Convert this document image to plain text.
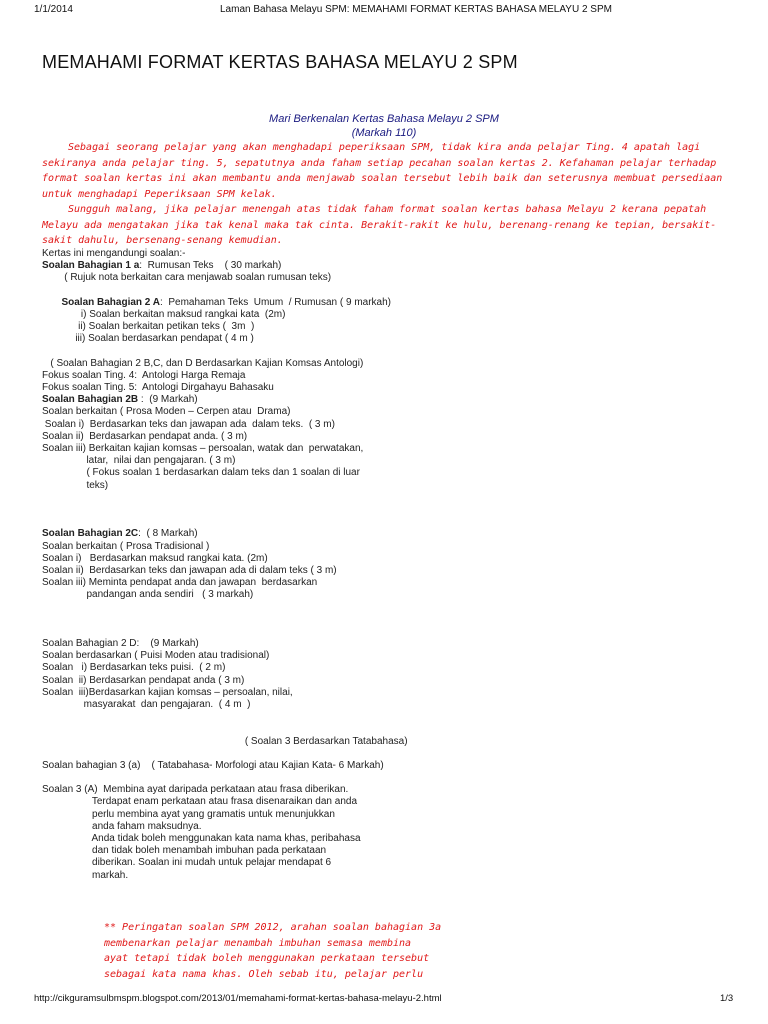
1/1/2014	Laman Bahasa Melayu SPM: MEMAHAMI FORMAT KERTAS BAHASA MELAYU 2 SPM
MEMAHAMI FORMAT KERTAS BAHASA MELAYU 2 SPM
Mari Berkenalan Kertas Bahasa Melayu 2 SPM
(Markah 110)

Sebagai seorang pelajar yang akan menghadapi peperiksaan SPM, tidak kira anda pelajar Ting. 4 apatah lagi sekiranya anda pelajar ting. 5, sepatutnya anda faham setiap pecahan soalan kertas 2. Kefahaman pelajar terhadap format soalan kertas ini akan membantu anda menjawab soalan tersebut lebih baik dan seterusnya membuat persediaan untuk menghadapi Peperiksaan SPM kelak.

Sungguh malang, jika pelajar menengah atas tidak faham format soalan kertas bahasa Melayu 2 kerana pepatah Melayu ada mengatakan jika tak kenal maka tak cinta. Berakit-rakit ke hulu, berenang-renang ke tepian, bersakit-sakit dahulu, bersenang-senang kemudian.

Kertas ini mengandungi soalan:-
Soalan Bahagian 1 a:  Rumusan Teks    ( 30 markah)
( Rujuk nota berkaitan cara menjawab soalan rumusan teks)
Soalan Bahagian 2 A:  Pemahaman Teks  Umum  / Rumusan ( 9 markah)
i) Soalan berkaitan maksud rangkai kata  (2m)
ii) Soalan berkaitan petikan teks (  3m  )
iii) Soalan berdasarkan pendapat ( 4 m )
( Soalan Bahagian 2 B,C, dan D Berdasarkan Kajian Komsas Antologi)
Fokus soalan Ting. 4:  Antologi Harga Remaja
Fokus soalan Ting. 5:  Antologi Dirgahayu Bahasaku
Soalan Bahagian 2B :  (9 Markah)
Soalan berkaitan ( Prosa Moden – Cerpen atau  Drama)
Soalan i)  Berdasarkan teks dan jawapan ada  dalam teks.  ( 3 m)
Soalan ii)  Berdasarkan pendapat anda. ( 3 m)
Soalan iii) Berkaitan kajian komsas – persoalan, watak dan  perwatakan,
latar,  nilai dan pengajaran. ( 3 m)
( Fokus soalan 1 berdasarkan dalam teks dan 1 soalan di luar
teks)
Soalan Bahagian 2C:  ( 8 Markah)
Soalan berkaitan ( Prosa Tradisional )
Soalan i)   Berdasarkan maksud rangkai kata. (2m)
Soalan ii)  Berdasarkan teks dan jawapan ada di dalam teks ( 3 m)
Soalan iii) Meminta pendapat anda dan jawapan  berdasarkan
pandangan anda sendiri   ( 3 markah)
Soalan Bahagian 2 D:    (9 Markah)
Soalan berdasarkan ( Puisi Moden atau tradisional)
Soalan   i) Berdasarkan teks puisi.  ( 2 m)
Soalan  ii) Berdasarkan pendapat anda ( 3 m)
Soalan  iii)Berdasarkan kajian komsas – persoalan, nilai,
masyarakat  dan pengajaran.  ( 4 m  )
( Soalan 3 Berdasarkan Tatabahasa)
Soalan bahagian 3 (a)    ( Tatabahasa- Morfologi atau Kajian Kata- 6 Markah)
Soalan 3 (A)  Membina ayat daripada perkataan atau frasa diberikan.
Terdapat enam perkataan atau frasa disenaraikan dan anda
perlu membina ayat yang gramatis untuk menunjukkan
anda faham maksudnya.
Anda tidak boleh menggunakan kata nama khas, peribahasa
dan tidak boleh menambah imbuhan pada perkataan
diberikan. Soalan ini mudah untuk pelajar mendapat 6
markah.
** Peringatan soalan SPM 2012, arahan soalan bahagian 3a
membenarkan pelajar menambah imbuhan semasa membina
ayat tetapi tidak boleh menggunakan perkataan tersebut
sebagai kata nama khas. Oleh sebab itu, pelajar perlu
http://cikguramsulbmspm.blogspot.com/2013/01/memahami-format-kertas-bahasa-melayu-2.html	1/3
